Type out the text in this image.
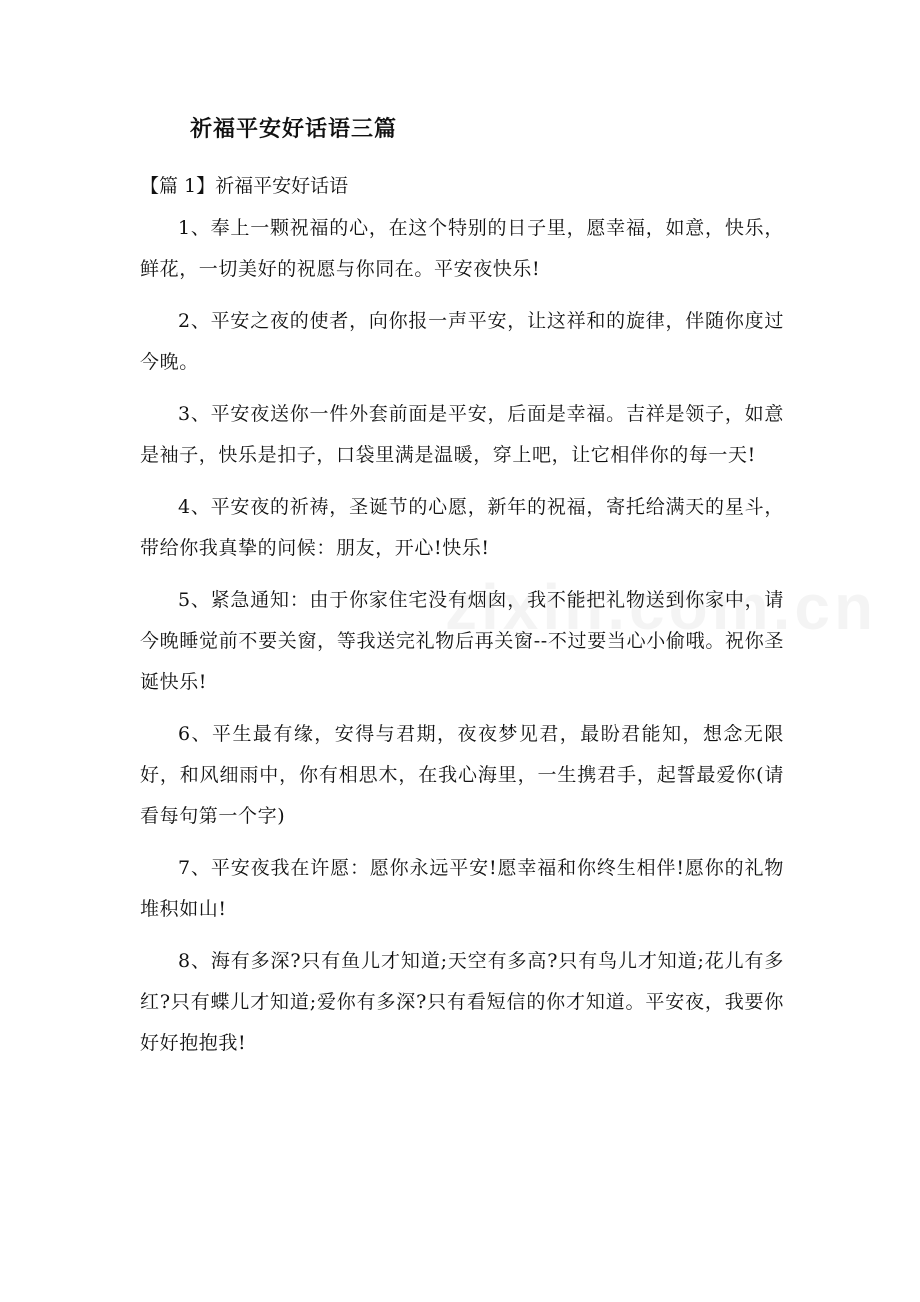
祈福平安好话语三篇
【篇 1】祈福平安好话语

1、奉上一颗祝福的心，在这个特别的日子里，愿幸福，如意，快乐，鲜花，一切美好的祝愿与你同在。平安夜快乐!

2、平安之夜的使者，向你报一声平安，让这祥和的旋律，伴随你度过今晚。

3、平安夜送你一件外套前面是平安，后面是幸福。吉祥是领子，如意是袖子，快乐是扣子，口袋里满是温暖，穿上吧，让它相伴你的每一天!

4、平安夜的祈祷，圣诞节的心愿，新年的祝福，寄托给满天的星斗，带给你我真挚的问候：朋友，开心!快乐!

5、紧急通知：由于你家住宅没有烟囱，我不能把礼物送到你家中，请今晚睡觉前不要关窗，等我送完礼物后再关窗--不过要当心小偷哦。祝你圣诞快乐!

6、平生最有缘，安得与君期，夜夜梦见君，最盼君能知，想念无限好，和风细雨中，你有相思木，在我心海里，一生携君手，起誓最爱你(请看每句第一个字)

7、平安夜我在许愿：愿你永远平安!愿幸福和你终生相伴!愿你的礼物堆积如山!

8、海有多深?只有鱼儿才知道;天空有多高?只有鸟儿才知道;花儿有多红?只有蝶儿才知道;爱你有多深?只有看短信的你才知道。平安夜，我要你好好抱抱我!
